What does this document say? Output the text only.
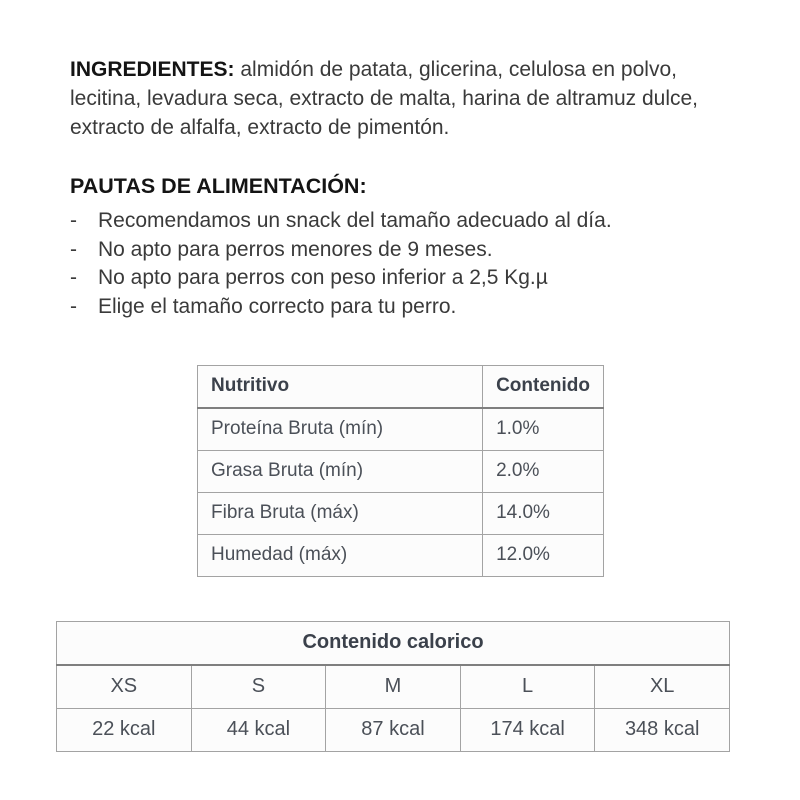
INGREDIENTES: almidón de patata, glicerina, celulosa en polvo, lecitina, levadura seca, extracto de malta, harina de altramuz dulce, extracto de alfalfa, extracto de pimentón.

PAUTAS DE ALIMENTACIÓN:
-	Recomendamos un snack del tamaño adecuado al día.
-	No apto para perros menores de 9 meses.
-	No apto para perros con peso inferior a 2,5 Kg.µ
-	Elige el tamaño correcto para tu perro.
Nutritivo	Contenido
Proteína Bruta (mín)	1.0%
Grasa Bruta (mín)	2.0%
Fibra Bruta (máx)	14.0%
Humedad (máx)	12.0%
Contenido calorico				
XS	S	M	L	XL
22 kcal	44 kcal	87 kcal	174 kcal	348 kcal
